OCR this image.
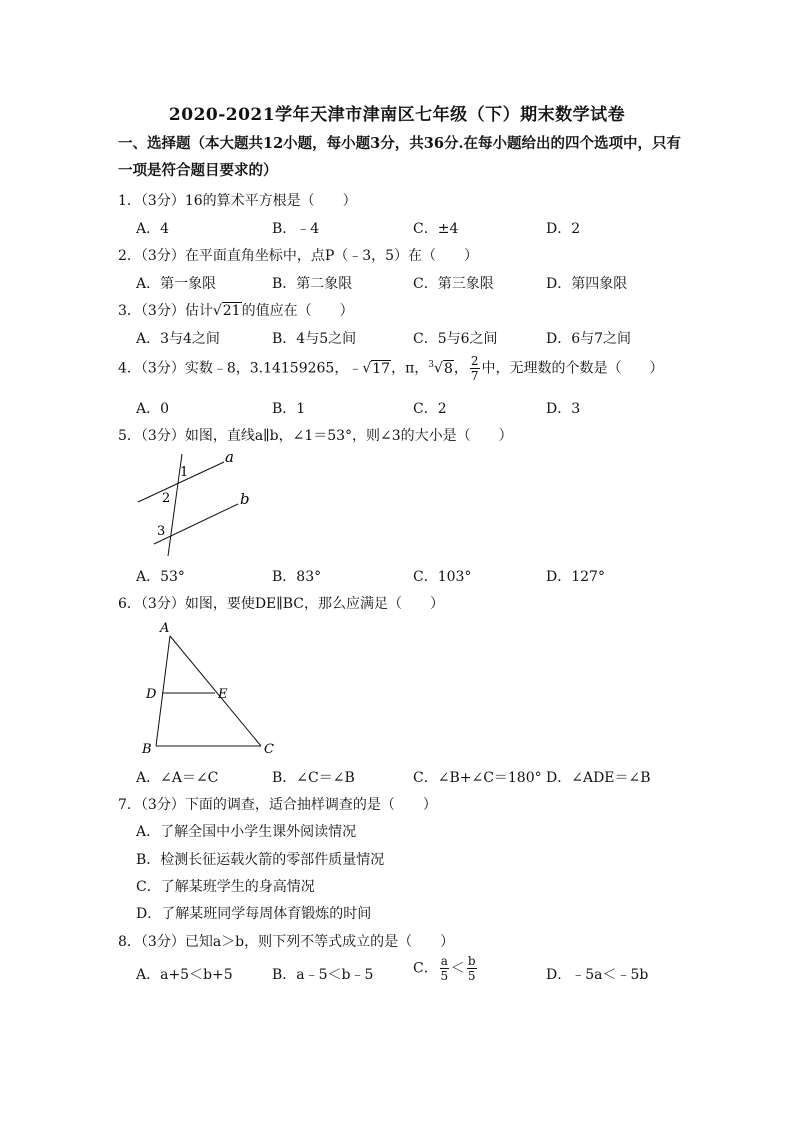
2020-2021学年天津市津南区七年级（下）期末数学试卷
一、选择题（本大题共12小题，每小题3分，共36分.在每小题给出的四个选项中，只有一项是符合题目要求的）
1．（3分）16的算术平方根是（　　）
A．4	B．﹣4	C．±4	D．2
2．（3分）在平面直角坐标中，点P（﹣3，5）在（　　）
A．第一象限	B．第二象限	C．第三象限	D．第四象限
3．（3分）估计√21的值应在（　　）
A．3与4之间	B．4与5之间	C．5与6之间	D．6与7之间
4．（3分）实数﹣8，3.14159265，﹣√17，π，$^3$√8， $\frac{2}{7}$ 中，无理数的个数是（　　）
A．0	B．1	C．2	D．3
5．（3分）如图，直线a∥b，∠1＝53°，则∠3的大小是（　　）
a
b
1
2
3
A．53°	B．83°	C．103°	D．127°
6．（3分）如图，要使DE∥BC，那么应满足（　　）
A
D	E
B	C
A．∠A＝∠C	B．∠C＝∠B	C．∠B+∠C＝180° D．∠ADE＝∠B
7．（3分）下面的调查，适合抽样调查的是（　　）
A．了解全国中小学生课外阅读情况
B．检测长征运载火箭的零部件质量情况
C．了解某班学生的身高情况
D．了解某班同学每周体育锻炼的时间
8．（3分）已知a＞b，则下列不等式成立的是（　　）
A．a+5＜b+5	B．a﹣5＜b﹣5	C． $\frac{a}{5} < \frac{b}{5}$	D．﹣5a＜﹣5b
